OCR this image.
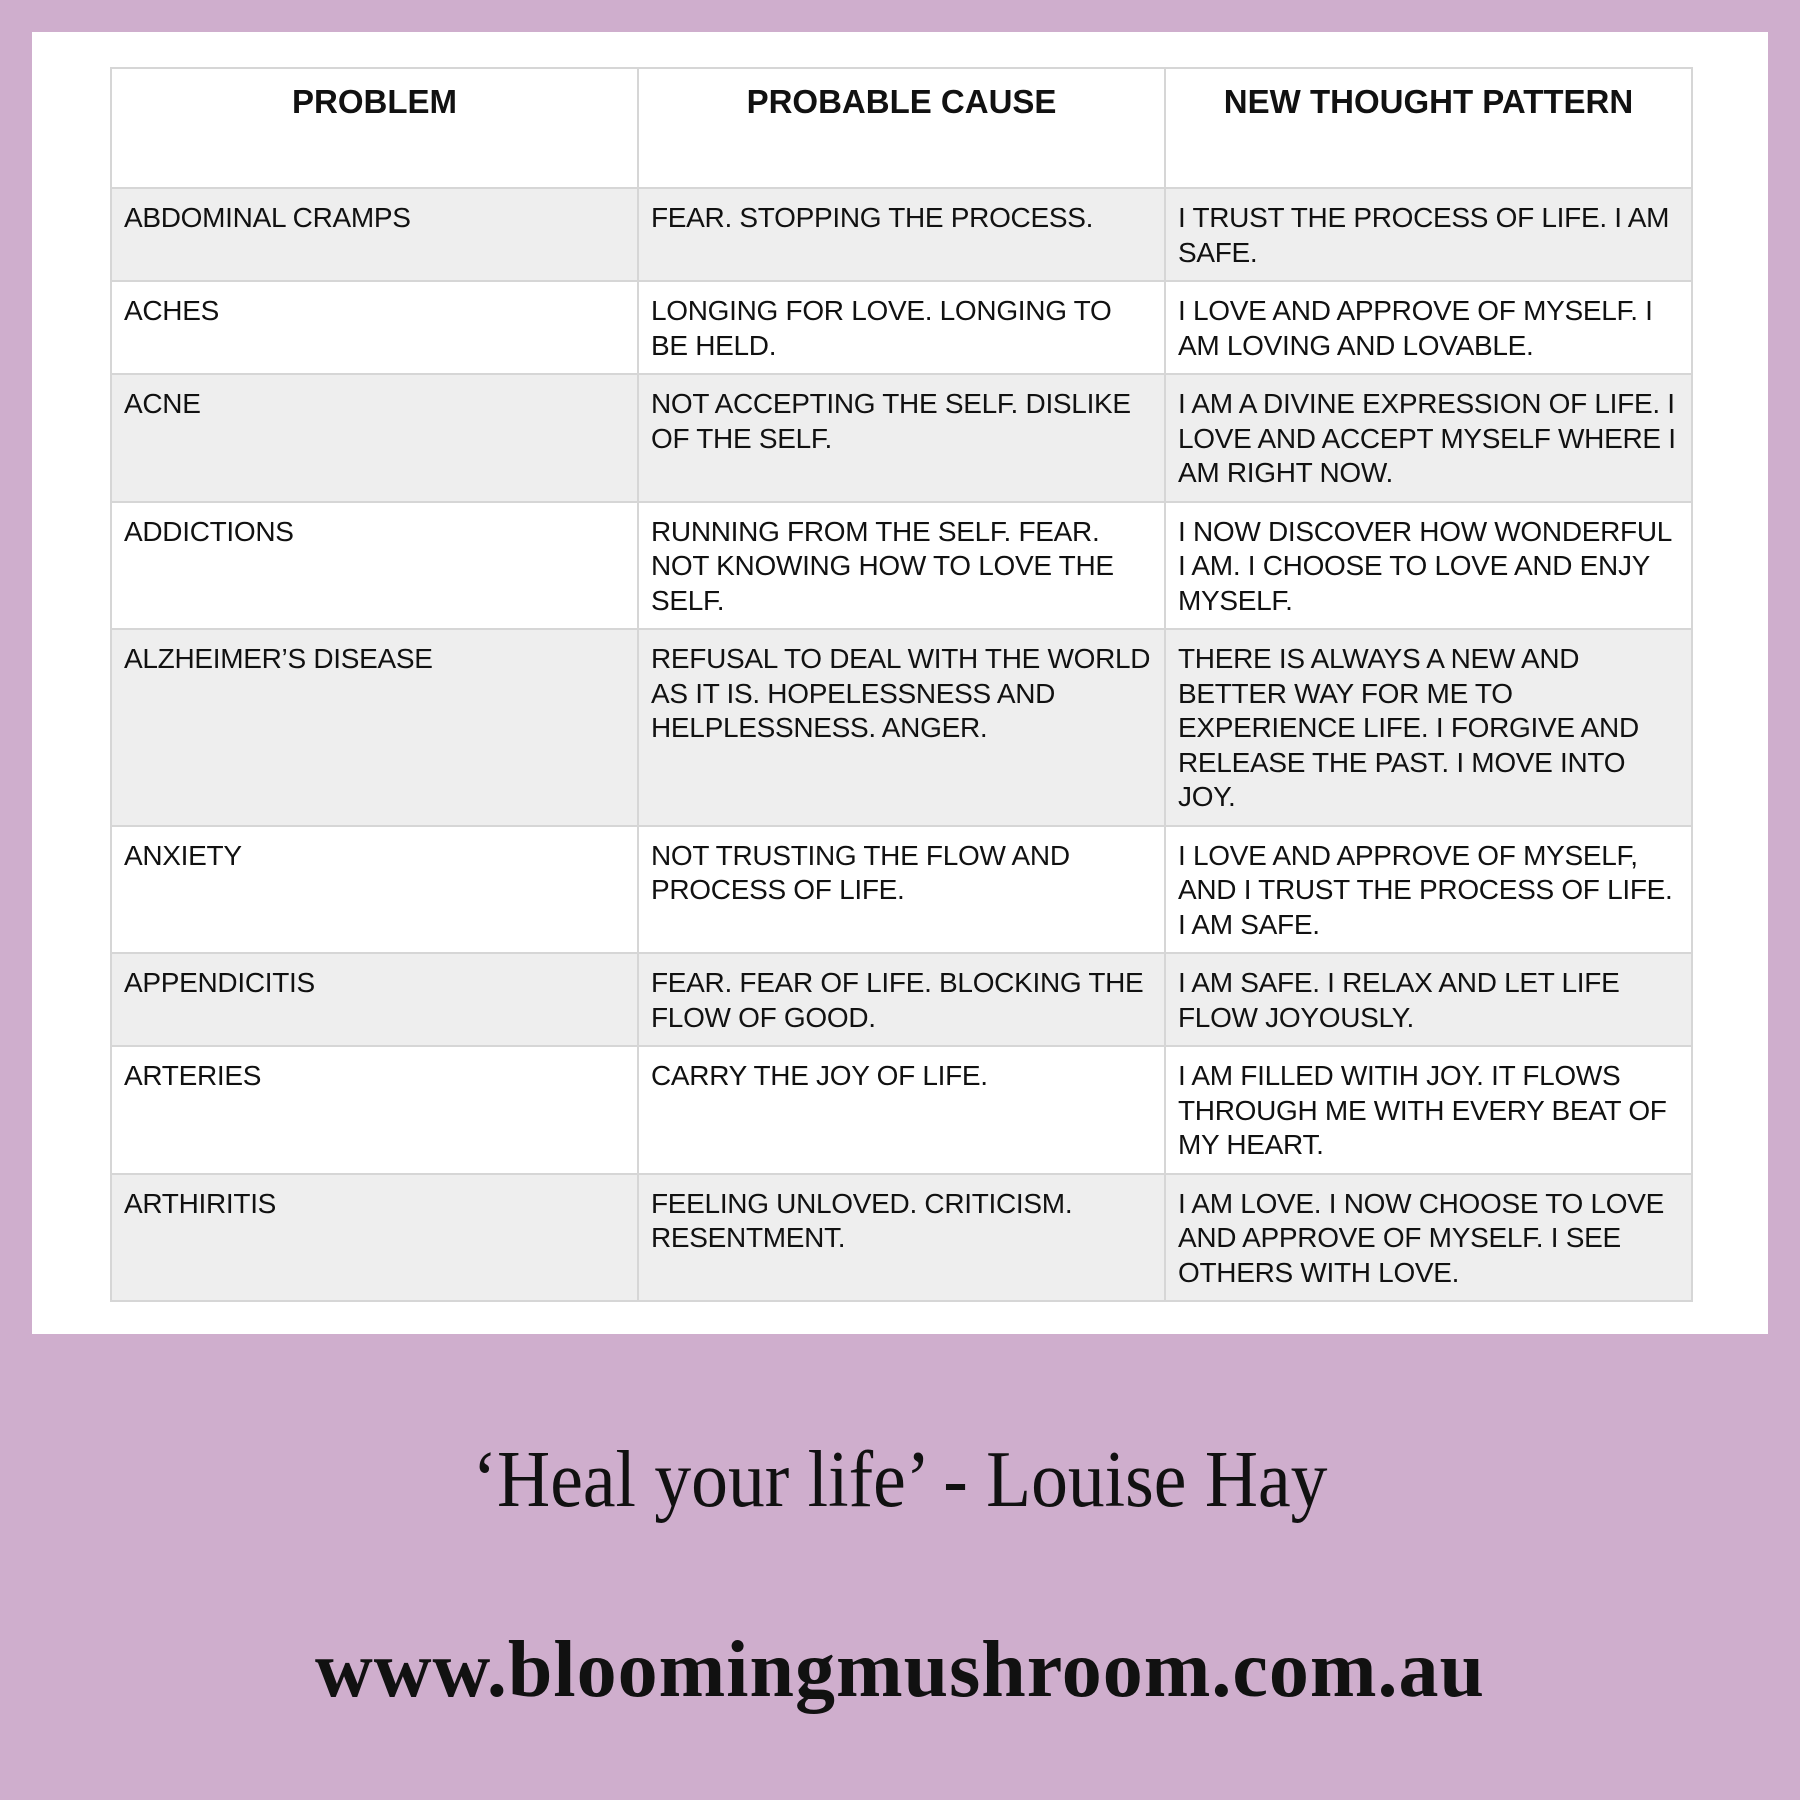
PROBLEM	PROBABLE CAUSE	NEW THOUGHT PATTERN
ABDOMINAL CRAMPS	FEAR. STOPPING THE PROCESS.	I TRUST THE PROCESS OF LIFE. I AM SAFE.
ACHES	LONGING FOR LOVE. LONGING TO BE HELD.	I LOVE AND APPROVE OF MYSELF. I AM LOVING AND LOVABLE.
ACNE	NOT ACCEPTING THE SELF. DISLIKE OF THE SELF.	I AM A DIVINE EXPRESSION OF LIFE. I LOVE AND ACCEPT MYSELF WHERE I AM RIGHT NOW.
ADDICTIONS	RUNNING FROM THE SELF. FEAR. NOT KNOWING HOW TO LOVE THE SELF.	I NOW DISCOVER HOW WONDERFUL I AM. I CHOOSE TO LOVE AND ENJY MYSELF.
ALZHEIMER’S DISEASE	REFUSAL TO DEAL WITH THE WORLD AS IT IS. HOPELESSNESS AND HELPLESSNESS. ANGER.	THERE IS ALWAYS A NEW AND BETTER WAY FOR ME TO EXPERIENCE LIFE. I FORGIVE AND RELEASE THE PAST. I MOVE INTO JOY.
ANXIETY	NOT TRUSTING THE FLOW AND PROCESS OF LIFE.	I LOVE AND APPROVE OF MYSELF, AND I TRUST THE PROCESS OF LIFE. I AM SAFE.
APPENDICITIS	FEAR. FEAR OF LIFE. BLOCKING THE FLOW OF GOOD.	I AM SAFE. I RELAX AND LET LIFE FLOW JOYOUSLY.
ARTERIES	CARRY THE JOY OF LIFE.	I AM FILLED WITIH JOY. IT FLOWS THROUGH ME WITH EVERY BEAT OF MY HEART.
ARTHIRITIS	FEELING UNLOVED. CRITICISM. RESENTMENT.	I AM LOVE. I NOW CHOOSE TO LOVE AND APPROVE OF MYSELF. I SEE OTHERS WITH LOVE.
‘Heal your life’ - Louise Hay
www.bloomingmushroom.com.au
